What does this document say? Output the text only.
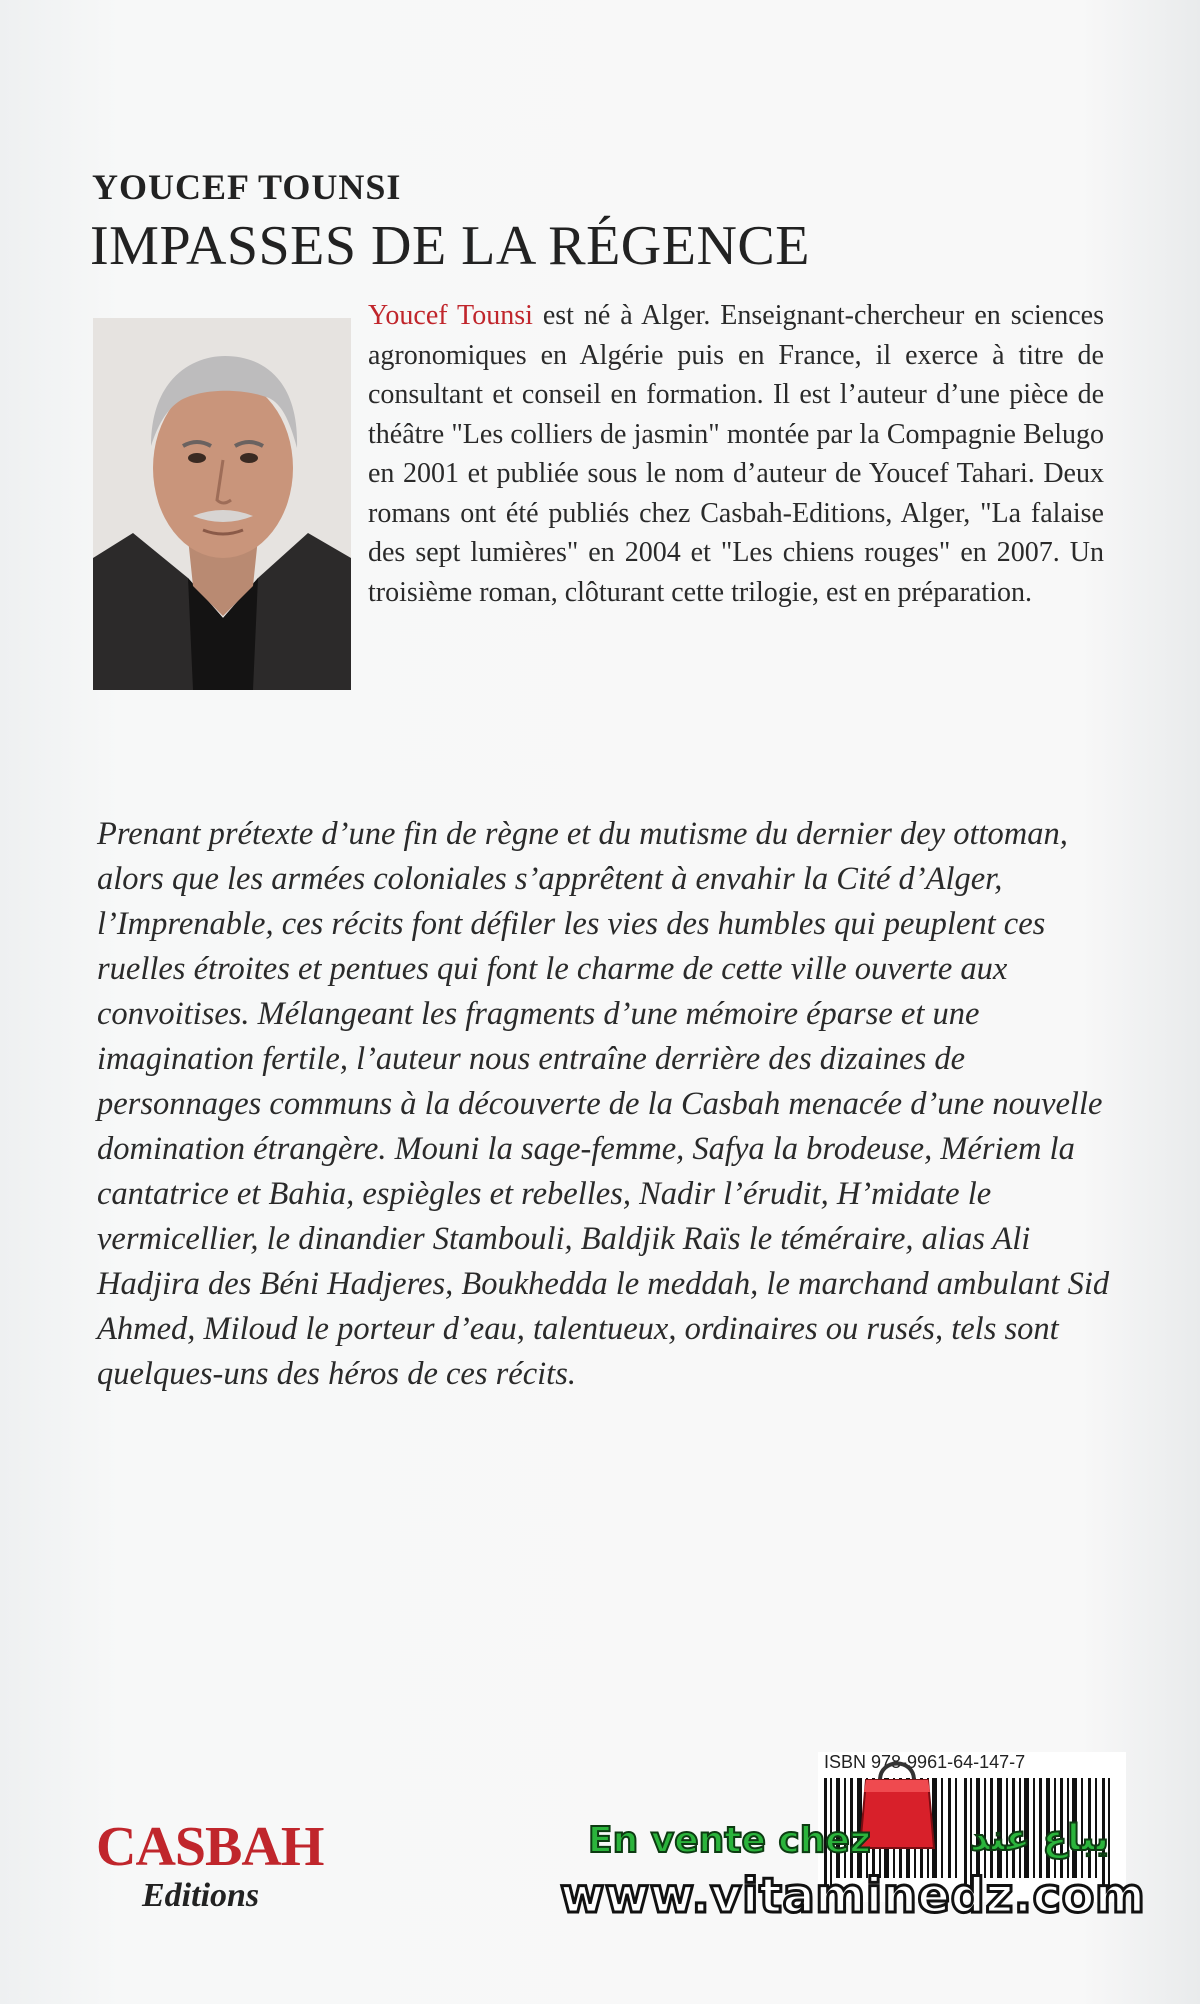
YOUCEF TOUNSI
IMPASSES DE LA RÉGENCE
Youcef Tounsi est né à Alger. Enseignant-chercheur en sciences agronomiques en Algérie puis en France, il exerce à titre de consultant et conseil en formation. Il est l’auteur d’une pièce de théâtre "Les colliers de jasmin" montée par la Compagnie Belugo en 2001 et publiée sous le nom d’auteur de Youcef Tahari. Deux romans ont été publiés chez Casbah-Editions, Alger, "La falaise des sept lumières" en 2004 et "Les chiens rouges" en 2007. Un troisième roman, clôturant cette trilogie, est en préparation.
Prenant prétexte d’une fin de règne et du mutisme du dernier dey ottoman, alors que les armées coloniales s’apprêtent à envahir la Cité d’Alger, l’Imprenable, ces récits font défiler les vies des humbles qui peuplent ces ruelles étroites et pentues qui font le charme de cette ville ouverte aux convoitises. Mélangeant les fragments d’une mémoire éparse et une imagination fertile, l’auteur nous entraîne derrière des dizaines de personnages communs à la découverte de la Casbah menacée d’une nouvelle domination étrangère. Mouni la sage-femme, Safya la brodeuse, Mériem la cantatrice et Bahia, espiègles et rebelles, Nadir l’érudit, H’midate le vermicellier, le dinandier Stambouli, Baldjik Raïs le téméraire, alias Ali Hadjira des Béni Hadjeres, Boukhedda le meddah, le marchand ambulant Sid Ahmed, Miloud le porteur d’eau, talentueux, ordinaires ou rusés, tels sont quelques-uns des héros de ces récits.
CASBAH
Editions
ISBN 978-9961-64-147-7
En vente chez	يباع عند
www.vitaminedz.com
